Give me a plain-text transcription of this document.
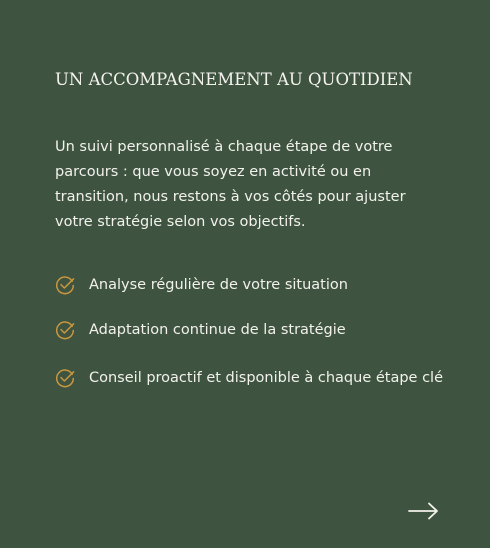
UN ACCOMPAGNEMENT AU QUOTIDIEN

Un suivi personnalisé à chaque étape de votre parcours : que vous soyez en activité ou en transition, nous restons à vos côtés pour ajuster votre stratégie selon vos objectifs.

Analyse régulière de votre situation
Adaptation continue de la stratégie
Conseil proactif et disponible à chaque étape clé
